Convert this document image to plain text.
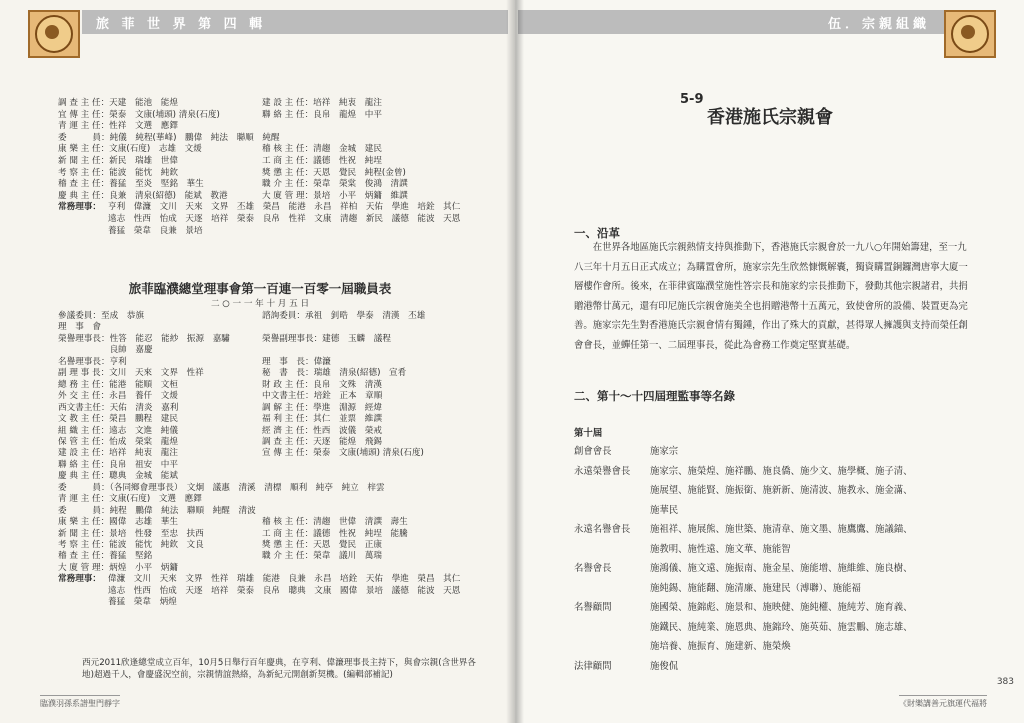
旅 菲 世 界 第 四 輯
調 查 主 任：天建　能池　能煌	建 設 主 任：培祥　純衷　龍注
宜 傳 主 任：榮泰　文康(埔頭) 清泉(石度)	聯 絡 主 任：良帛　龍煌　中平
青 運 主 任：性祥　文選　應鐸
委　　　員：純儀　純程(華峰)　鵬偉　純法　聯順　純醒
康 樂 主 任：文康(石度)　志雄　文煖	稽 核 主 任：清趨　金城　建民
新 聞 主 任：新民　瑞雄　世偉	工 商 主 任：議德　性祝　純埕
考 察 主 任：能波　能忱　純欽	獎 懲 主 任：天恩　覺民　純程(金曾)
稽 查 主 任：養猛　至炎　堅銘　華生	職 介 主 任：榮韋　榮棠　俊鴻　清譔
慶 典 主 任：良兼　清泉(紹德)　能斌　教港	大 廈 管 理：景培　小平　炳鏞　維譔
常務理事： 亨利　偉濂　文川　天來　文界　丕雄　榮昌　能港　永昌　祥柏　天佑　學進　培銓　其仁
遠志　性西　怡成　天逐　培祥　榮泰　良帛　性祥　文康　清趨　新民　議德　能波　天恩
養猛　榮韋　良兼　景培
參議委員：至成　恭旗	諮詢委員：承祖　釗晧　學泰　清漢　丕雄
理　事　會
榮譽理事長：性答　能忍　能紗　振源　嘉驌	榮譽副理事長：建德　玉麟　議程
　　　　　　良帥　嘉慶
名譽理事長：亨利	理　事　長：偉濂
副 理 事 長：文川　天來　文界　性祥	秘　書　長：瑞雄　清泉(紹德)　宣肴
總 務 主 任：能港　能順　文桓	財 政 主 任：良帛　文殊　清漢
外 交 主 任：永昌　養仟　文煖	中文書主任：培銓　正本　章順
西文書主任：天佑　清炎　嘉利	調 解 主 任：學進　淵源　經煒
文 教 主 任：榮昌　鵬程　建民	福 利 主 任：其仁　並票　維譔
組 織 主 任：遠志　文進　純儀	經 濟 主 任：性西　波儀　榮戒
保 管 主 任：怡成　榮棠　龍煌	調 查 主 任：天逐　能煌　飛錫
建 設 主 任：培祥　純衷　龍注	宣 傳 主 任：榮泰　文康(埔頭) 清泉(石度)
聯 絡 主 任：良帛　祖安　中平
慶 典 主 任：聰典　金城　能斌
委　　　員：（各同鄉會理事長）　文炯　議惠　清溪　清標　順利　純亭　純立　梓雲
青 運 主 任：文康(石度)　文選　應鐸
委　　　員：純程　鵬偉　純法　聯順　純醒　清波
康 樂 主 任：國偉　志雄　華生	稽 核 主 任：清趨　世偉　清譔　壽生
新 聞 主 任：景培　性發　至忠　扶西	工 商 主 任：議德　性祝　純埕　能騰
考 察 主 任：能波　能忱　純欽　文良	獎 懲 主 任：天恩　覺民　正康
稽 查 主 任：養猛　堅銘	職 介 主 任：榮韋　議川　萬瑞
大 廈 管 理：炳煌　小平　炳鏞
常務理事： 偉濂　文川　天來　文界　性祥　瑞雄　能港　良兼　永昌　培銓　天佑　學進　榮昌　其仁
遠志　性西　怡成　天逐　培祥　榮泰　良帛　聰典　文康　國偉　景培　議德　能波　天恩
養猛　榮韋　炳煌
旅菲臨濮總堂理事會第一百連一百零一屆職員表
二 ○ 一 一 年 十 月 五 日
西元2011欣逢總堂成立百年，10月5日舉行百年慶典，在亨利、偉濂理事長主持下，與會宗親(含世界各地)超過千人，會慶盛況空前，宗親情誼熱絡，為新紀元開創新契機。(編輯部補記)
臨濮羽孫系譜聖門靜字
伍．宗親組織
5-9
香港施氏宗親會
一、沿革
在世界各地區施氏宗親熱情支持與推動下，香港施氏宗親會於一九八○年開始籌建，至一九八三年十月五日正式成立；為購置會所，施家宗先生欣然慷慨解囊，獨資購置銅鑼灣唐寧大廈一層樓作會所。後來，在菲律賓臨濮堂施性答宗長和施家約宗長推動下，發動其他宗親諸君，共捐贈港幣廿萬元，還有印尼施氏宗親會施美全也捐贈港幣十五萬元，致使會所的設備、裝置更為完善。施家宗先生對香港施氏宗親會情有獨鍾，作出了殊大的貢獻，甚得眾人擁護與支持而榮任創會會長，並蟬任第一、二屆理事長，從此為會務工作奠定堅實基礎。
二、第十～十四屆理監事等名錄
第十屆
創會會長	施家宗
永遠榮譽會長 施家宗、施榮煌、施祥鵬、施良僑、施少文、施學概、施子清、
施展望、施能賢、施振銜、施新新、施清波、施教永、施金滿、
施華民
永遠名譽會長 施祖祥、施展熊、施世築、施清韋、施文墨、施鷹鷹、施議錨、
施教明、施性遠、施文華、施能智
名譽會長	施鴻儀、施文遠、施振南、施金星、施能增、施維維、施良樹、
施純錫、施能翻、施清廉、施建民（溥聯）、施能福
名譽顧問	施國榮、施錦彪、施景和、施映健、施純權、施純芳、施育義、
施鐵民、施純業、施恩典、施錦玲、施英茹、施雲鵬、施志雄、
施培養、施振育、施建新、施榮煥
法律顧問	施俊侃
《財樂講善元旗運代福將
383
